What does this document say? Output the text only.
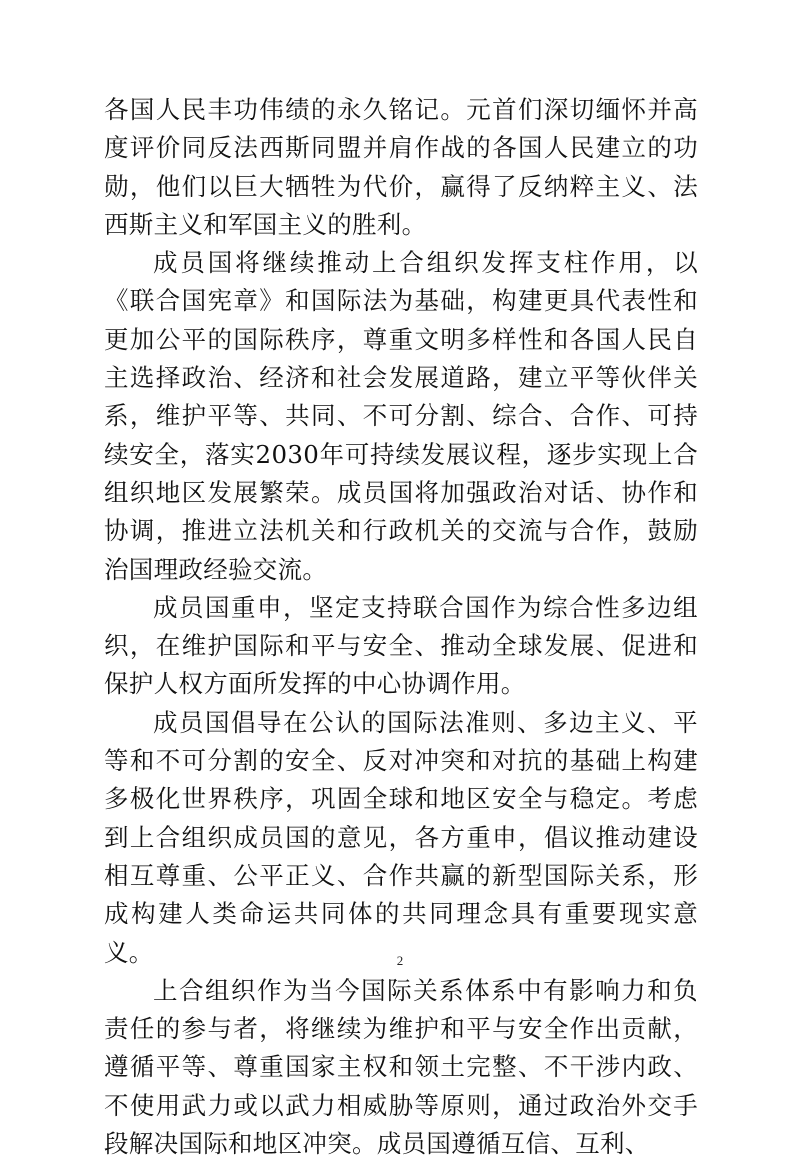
各国人民丰功伟绩的永久铭记。元首们深切缅怀并高度评价同反法西斯同盟并肩作战的各国人民建立的功勋，他们以巨大牺牲为代价，赢得了反纳粹主义、法西斯主义和军国主义的胜利。

成员国将继续推动上合组织发挥支柱作用，以《联合国宪章》和国际法为基础，构建更具代表性和更加公平的国际秩序，尊重文明多样性和各国人民自主选择政治、经济和社会发展道路，建立平等伙伴关系，维护平等、共同、不可分割、综合、合作、可持续安全，落实2030年可持续发展议程，逐步实现上合组织地区发展繁荣。成员国将加强政治对话、协作和协调，推进立法机关和行政机关的交流与合作，鼓励治国理政经验交流。

成员国重申，坚定支持联合国作为综合性多边组织，在维护国际和平与安全、推动全球发展、促进和保护人权方面所发挥的中心协调作用。

成员国倡导在公认的国际法准则、多边主义、平等和不可分割的安全、反对冲突和对抗的基础上构建多极化世界秩序，巩固全球和地区安全与稳定。考虑到上合组织成员国的意见，各方重申，倡议推动建设相互尊重、公平正义、合作共赢的新型国际关系，形成构建人类命运共同体的共同理念具有重要现实意义。

上合组织作为当今国际关系体系中有影响力和负责任的参与者，将继续为维护和平与安全作出贡献，遵循平等、尊重国家主权和领土完整、不干涉内政、不使用武力或以武力相威胁等原则，通过政治外交手段解决国际和地区冲突。成员国遵循互信、互利、

2
